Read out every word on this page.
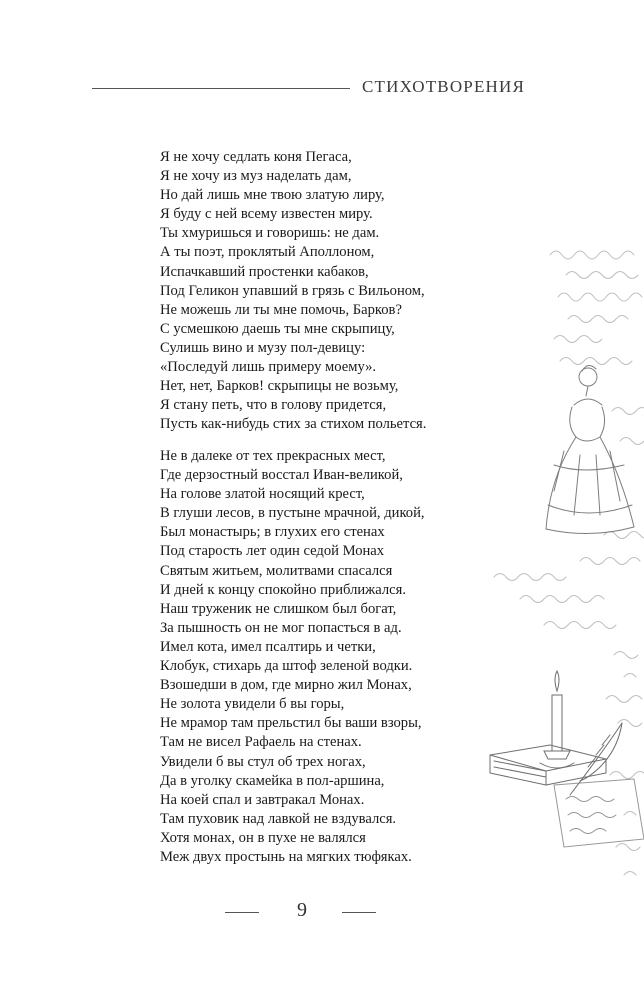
СТИХОТВОРЕНИЯ
Я не хочу седлать коня Пегаса,
Я не хочу из муз наделать дам,
Но дай лишь мне твою златую лиру,
Я буду с ней всему известен миру.
Ты хмуришься и говоришь: не дам.
А ты поэт, проклятый Аполлоном,
Испачкавший простенки кабаков,
Под Геликон упавший в грязь с Вильоном,
Не можешь ли ты мне помочь, Барков?
С усмешкою даешь ты мне скрыпицу,
Сулишь вино и музу пол-девицу:
«Последуй лишь примеру моему».
Нет, нет, Барков! скрыпицы не возьму,
Я стану петь, что в голову придется,
Пусть как-нибудь стих за стихом польется.
Не в далеке от тех прекрасных мест,
Где дерзостный восстал Иван-великой,
На голове златой носящий крест,
В глуши лесов, в пустыне мрачной, дикой,
Был монастырь; в глухих его стенах
Под старость лет один седой Монах
Святым житьем, молитвами спасался
И дней к концу спокойно приближался.
Наш труженик не слишком был богат,
За пышность он не мог попасться в ад.
Имел кота, имел псалтирь и четки,
Клобук, стихарь да штоф зеленой водки.
Взошедши в дом, где мирно жил Монах,
Не золота увидели б вы горы,
Не мрамор там прельстил бы ваши взоры,
Там не висел Рафаель на стенах.
Увидели б вы стул об трех ногах,
Да в уголку скамейка в пол-аршина,
На коей спал и завтракал Монах.
Там пуховик над лавкой не вздувался.
Хотя монах, он в пухе не валялся
Меж двух простынь на мягких тюфяках.
9
